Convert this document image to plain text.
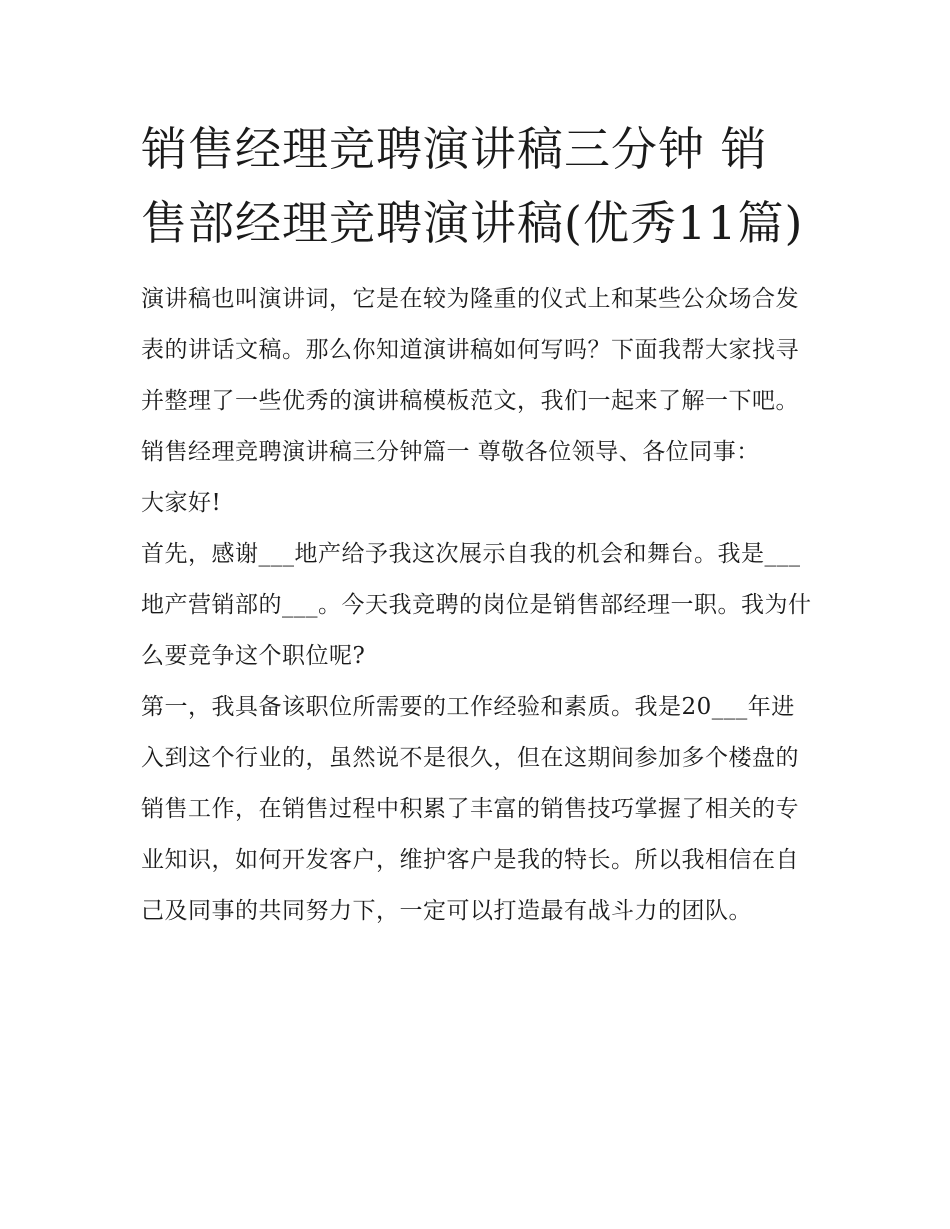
销售经理竞聘演讲稿三分钟 销售部经理竞聘演讲稿(优秀11篇)

演讲稿也叫演讲词，它是在较为隆重的仪式上和某些公众场合发表的讲话文稿。那么你知道演讲稿如何写吗？下面我帮大家找寻并整理了一些优秀的演讲稿模板范文，我们一起来了解一下吧。

销售经理竞聘演讲稿三分钟篇一 尊敬各位领导、各位同事：

大家好!

首先，感谢___地产给予我这次展示自我的机会和舞台。我是___地产营销部的___。今天我竞聘的岗位是销售部经理一职。我为什么要竞争这个职位呢?

第一，我具备该职位所需要的工作经验和素质。我是20___年进入到这个行业的，虽然说不是很久，但在这期间参加多个楼盘的销售工作，在销售过程中积累了丰富的销售技巧掌握了相关的专业知识，如何开发客户，维护客户是我的特长。所以我相信在自己及同事的共同努力下，一定可以打造最有战斗力的团队。
